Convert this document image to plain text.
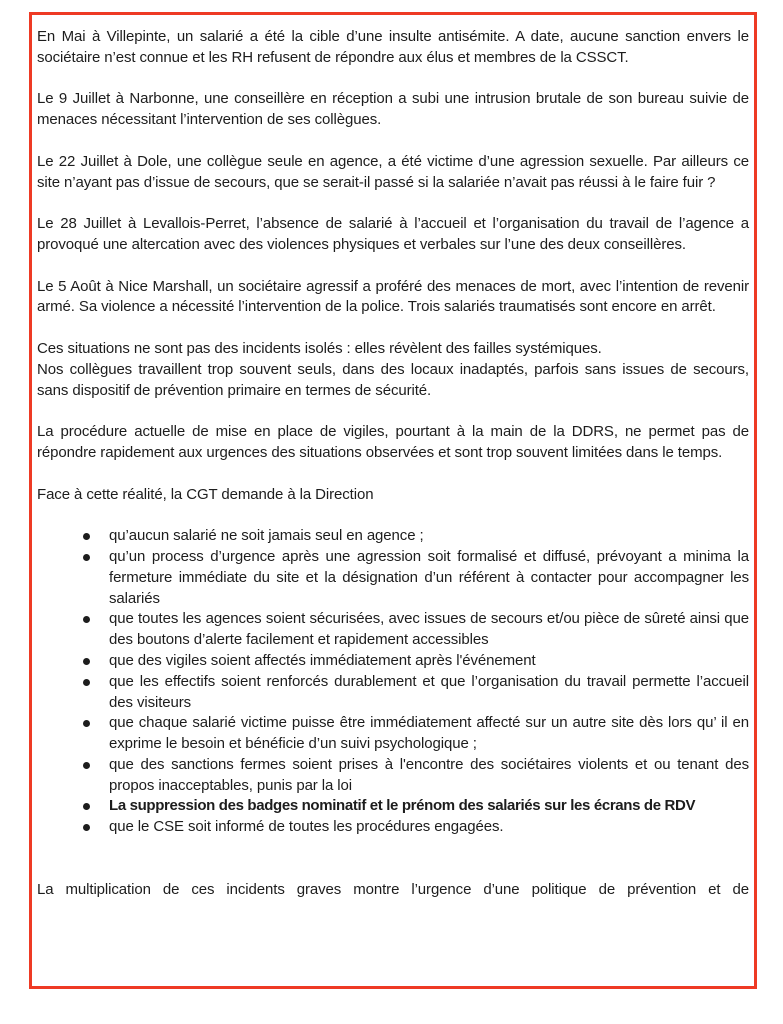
En Mai à Villepinte, un salarié a été la cible d’une insulte antisémite. A date, aucune sanction envers le sociétaire n’est connue et les RH refusent de répondre aux élus et membres de la CSSCT.

Le 9 Juillet à Narbonne, une conseillère en réception a subi une intrusion brutale de son bureau suivie de menaces nécessitant l’intervention de ses collègues.

Le 22 Juillet à Dole, une collègue seule en agence, a été victime d’une agression sexuelle. Par ailleurs ce site n’ayant pas d’issue de secours, que se serait-il passé si la salariée n’avait pas réussi à le faire fuir ?

Le 28 Juillet à Levallois-Perret, l’absence de salarié à l’accueil et l’organisation du travail de l’agence a provoqué une altercation avec des violences physiques et verbales sur l’une des deux conseillères.

Le 5 Août à Nice Marshall, un sociétaire agressif a proféré des menaces de mort, avec l’intention de revenir armé. Sa violence a nécessité l’intervention de la police. Trois salariés traumatisés sont encore en arrêt.

Ces situations ne sont pas des incidents isolés : elles révèlent des failles systémiques.

Nos collègues travaillent trop souvent seuls, dans des locaux inadaptés, parfois sans issues de secours, sans dispositif de prévention primaire en termes de sécurité.

La procédure actuelle de mise en place de vigiles, pourtant à la main de la DDRS, ne permet pas de répondre rapidement aux urgences des situations observées et sont trop souvent limitées dans le temps.

Face à cette réalité, la CGT demande à la Direction

qu’aucun salarié ne soit jamais seul en agence ;
qu’un process d’urgence après une agression soit formalisé et diffusé, prévoyant a minima la fermeture immédiate du site et la désignation d’un référent à contacter pour accompagner les salariés
que toutes les agences soient sécurisées, avec issues de secours et/ou pièce de sûreté ainsi que des boutons d’alerte facilement et rapidement accessibles
que des vigiles soient affectés immédiatement après l'événement
que les effectifs soient renforcés durablement et que l’organisation du travail permette l’accueil des visiteurs
que chaque salarié victime puisse être immédiatement affecté sur un autre site dès lors qu’ il en exprime le besoin et bénéficie d’un suivi psychologique ;
que des sanctions fermes soient prises à l'encontre des sociétaires violents et ou tenant des propos inacceptables, punis par la loi
La suppression des badges nominatif et le prénom des salariés sur les écrans de RDV
que le CSE soit informé de toutes les procédures engagées.

La multiplication de ces incidents graves montre l’urgence d’une politique de prévention et de
